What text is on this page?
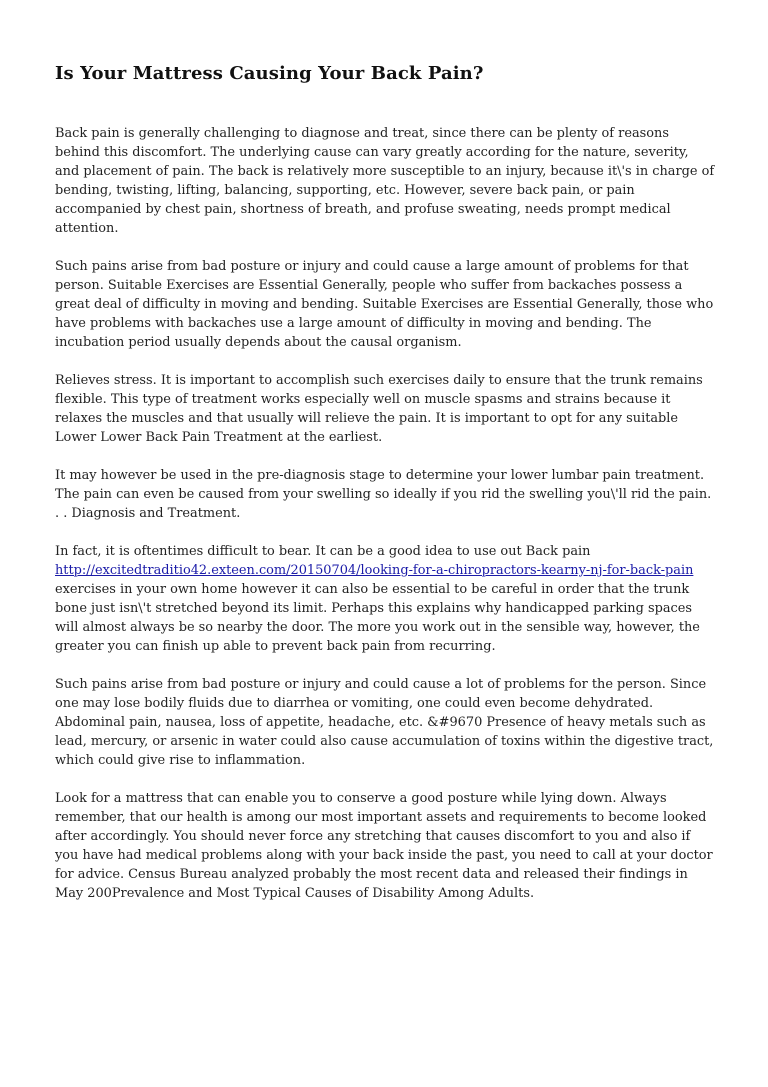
Is Your Mattress Causing Your Back Pain?

Back pain is generally challenging to diagnose and treat, since there can be plenty of reasons behind this discomfort. The underlying cause can vary greatly according for the nature, severity, and placement of pain. The back is relatively more susceptible to an injury, because it\'s in charge of bending, twisting, lifting, balancing, supporting, etc. However, severe back pain, or pain accompanied by chest pain, shortness of breath, and profuse sweating, needs prompt medical attention.

Such pains arise from bad posture or injury and could cause a large amount of problems for that person. Suitable Exercises are Essential Generally, people who suffer from backaches possess a great deal of difficulty in moving and bending. Suitable Exercises are Essential Generally, those who have problems with backaches use a large amount of difficulty in moving and bending. The incubation period usually depends about the causal organism.

Relieves stress. It is important to accomplish such exercises daily to ensure that the trunk remains flexible. This type of treatment works especially well on muscle spasms and strains because it relaxes the muscles and that usually will relieve the pain. It is important to opt for any suitable Lower Lower Back Pain Treatment at the earliest.

It may however be used in the pre-diagnosis stage to determine your lower lumbar pain treatment. The pain can even be caused from your swelling so ideally if you rid the swelling you\'ll rid the pain. . . Diagnosis and Treatment.

In fact, it is oftentimes difficult to bear. It can be a good idea to use out Back pain http://excitedtraditio42.exteen.com/20150704/looking-for-a-chiropractors-kearny-nj-for-back-pain exercises in your own home however it can also be essential to be careful in order that the trunk bone just isn\'t stretched beyond its limit. Perhaps this explains why handicapped parking spaces will almost always be so nearby the door. The more you work out in the sensible way, however, the greater you can finish up able to prevent back pain from recurring.

Such pains arise from bad posture or injury and could cause a lot of problems for the person. Since one may lose bodily fluids due to diarrhea or vomiting, one could even become dehydrated. Abdominal pain, nausea, loss of appetite, headache, etc. &#9670 Presence of heavy metals such as lead, mercury, or arsenic in water could also cause accumulation of toxins within the digestive tract, which could give rise to inflammation.

Look for a mattress that can enable you to conserve a good posture while lying down. Always remember, that our health is among our most important assets and requirements to become looked after accordingly. You should never force any stretching that causes discomfort to you and also if you have had medical problems along with your back inside the past, you need to call at your doctor for advice. Census Bureau analyzed probably the most recent data and released their findings in May 200Prevalence and Most Typical Causes of Disability Among Adults.
